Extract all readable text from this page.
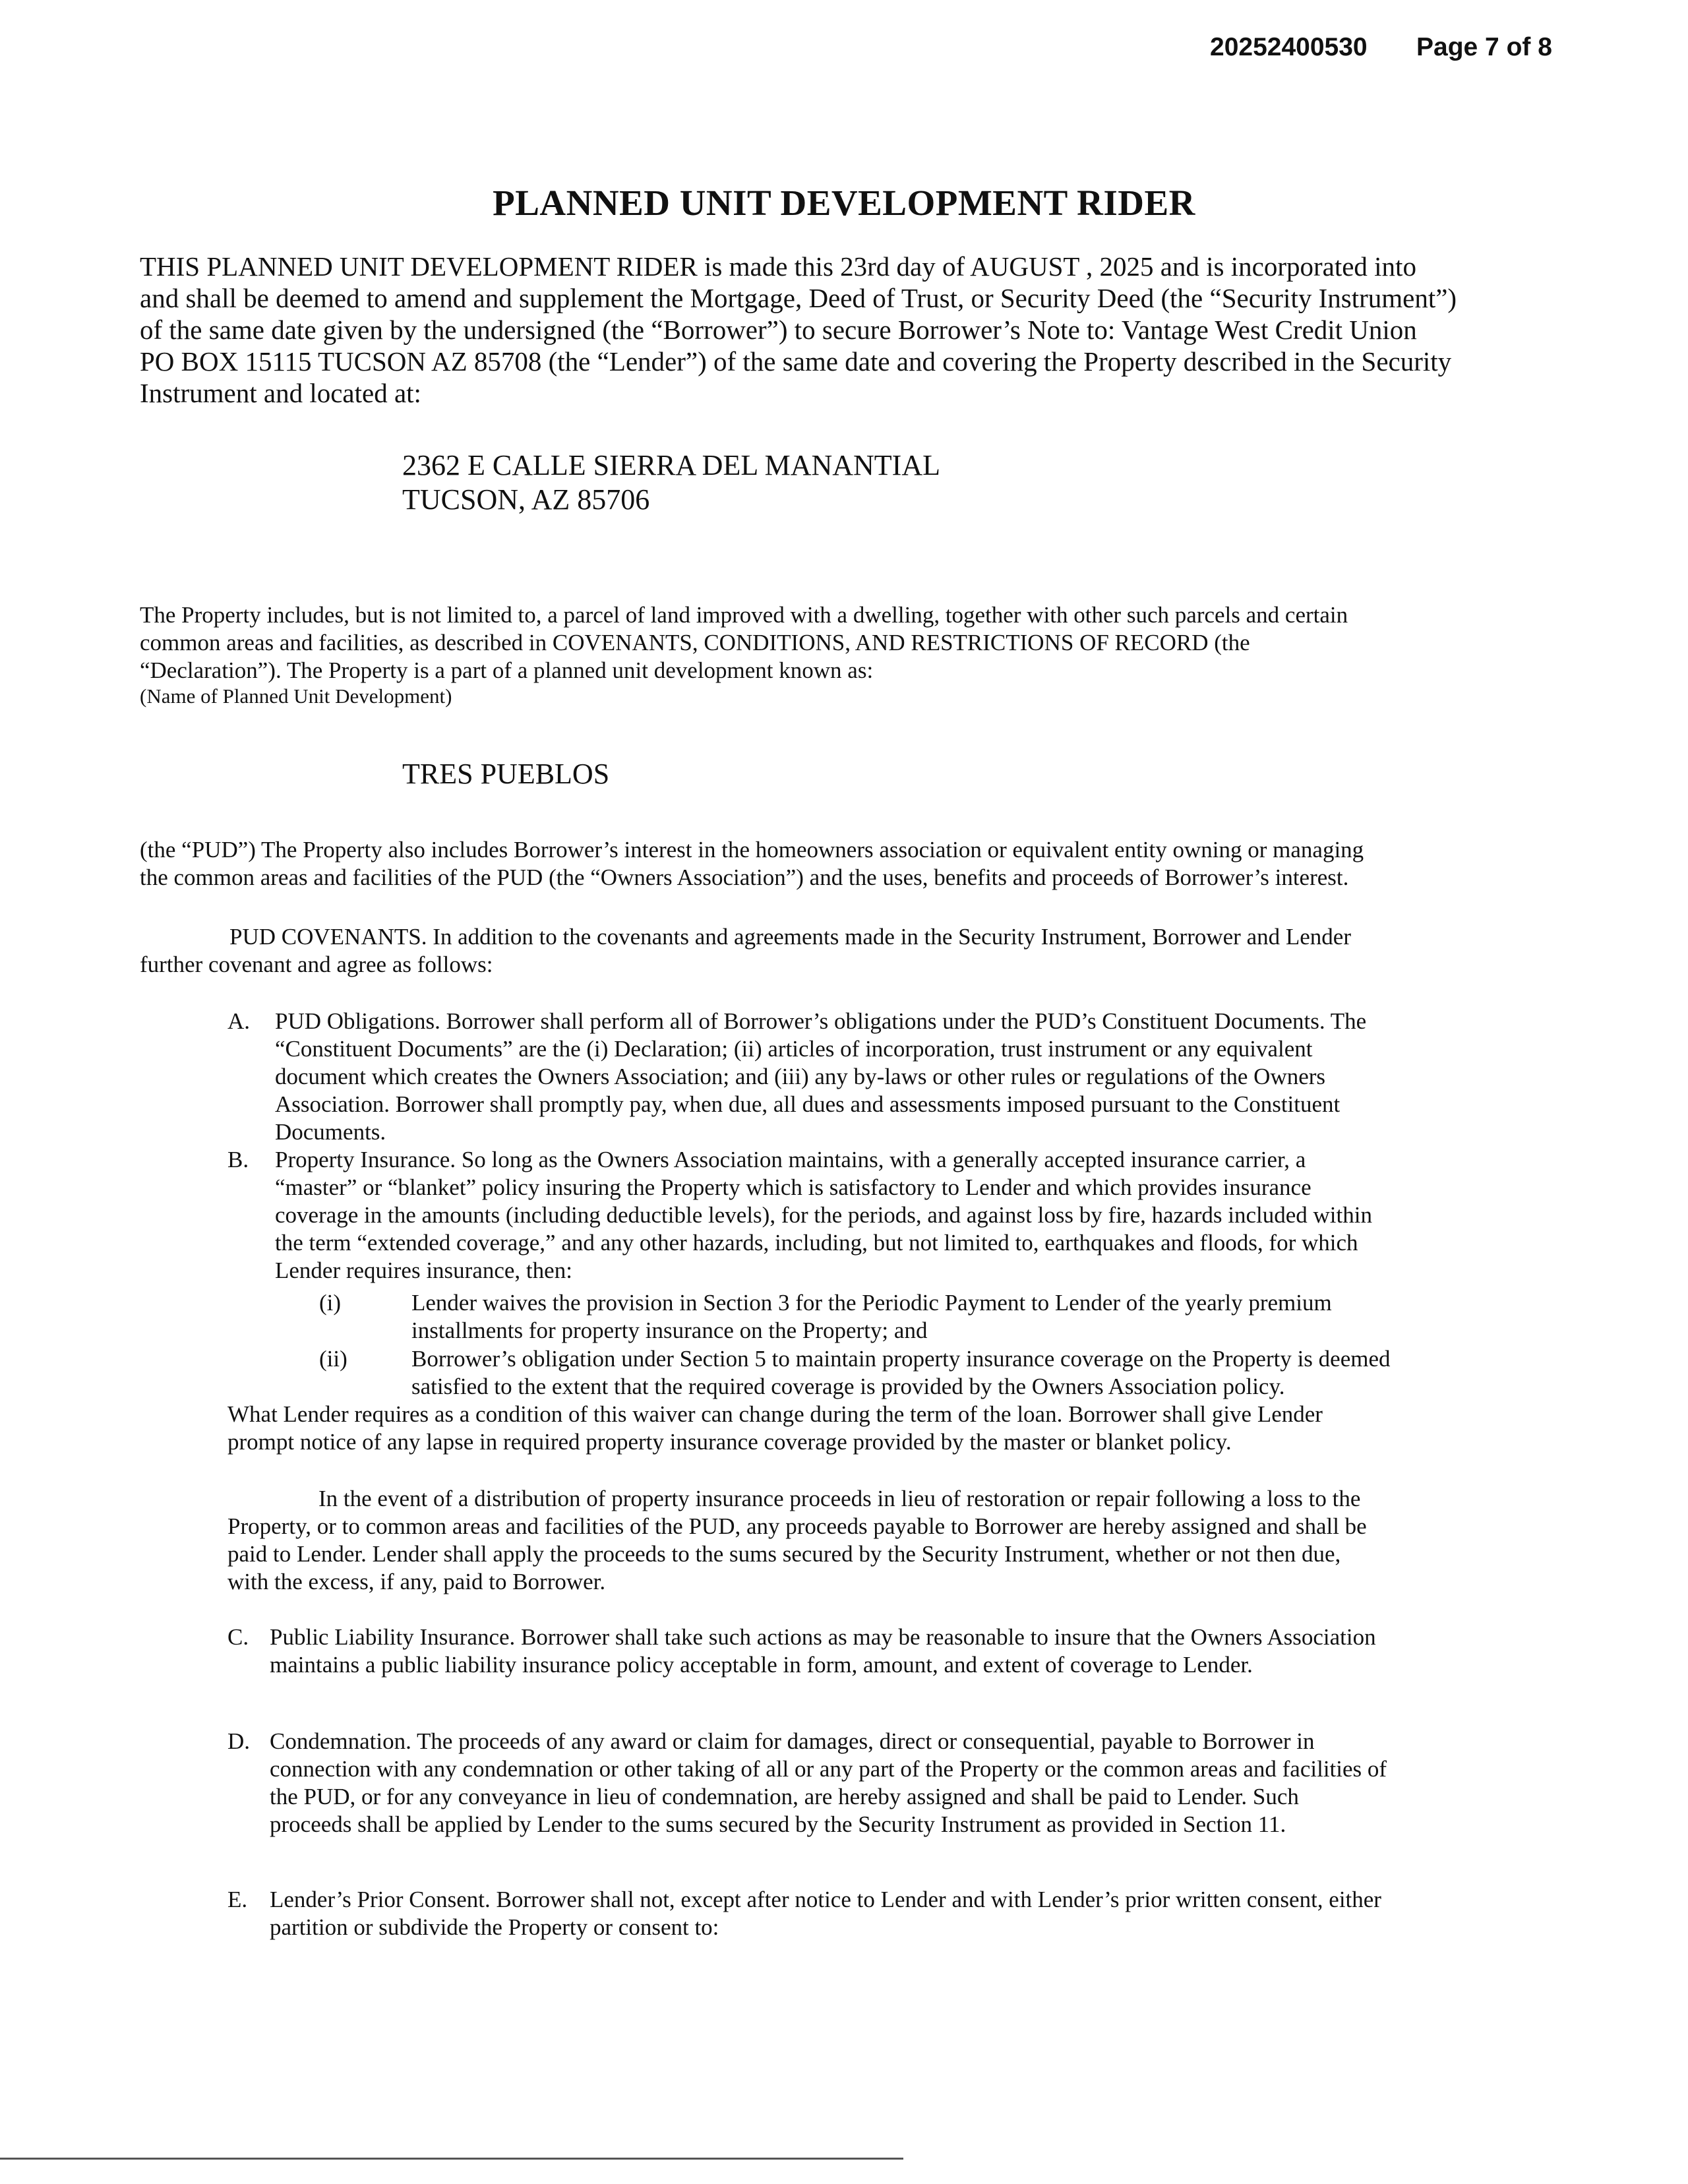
20252400530 Page 7 of 8
PLANNED UNIT DEVELOPMENT RIDER
THIS PLANNED UNIT DEVELOPMENT RIDER is made this 23rd day of AUGUST , 2025 and is incorporated into
and shall be deemed to amend and supplement the Mortgage, Deed of Trust, or Security Deed (the “Security Instrument”)
of the same date given by the undersigned (the “Borrower”) to secure Borrower’s Note to: Vantage West Credit Union
PO BOX 15115 TUCSON AZ 85708 (the “Lender”) of the same date and covering the Property described in the Security
Instrument and located at:
2362 E CALLE SIERRA DEL MANANTIAL
TUCSON, AZ 85706
The Property includes, but is not limited to, a parcel of land improved with a dwelling, together with other such parcels and certain
common areas and facilities, as described in COVENANTS, CONDITIONS, AND RESTRICTIONS OF RECORD (the
“Declaration”). The Property is a part of a planned unit development known as:
(Name of Planned Unit Development)
TRES PUEBLOS
(the “PUD”) The Property also includes Borrower’s interest in the homeowners association or equivalent entity owning or managing
the common areas and facilities of the PUD (the “Owners Association”) and the uses, benefits and proceeds of Borrower’s interest.
PUD COVENANTS. In addition to the covenants and agreements made in the Security Instrument, Borrower and Lender
further covenant and agree as follows:
A.	PUD Obligations. Borrower shall perform all of Borrower’s obligations under the PUD’s Constituent Documents. The
“Constituent Documents” are the (i) Declaration; (ii) articles of incorporation, trust instrument or any equivalent
document which creates the Owners Association; and (iii) any by-laws or other rules or regulations of the Owners
Association. Borrower shall promptly pay, when due, all dues and assessments imposed pursuant to the Constituent
Documents.
B.	Property Insurance. So long as the Owners Association maintains, with a generally accepted insurance carrier, a
“master” or “blanket” policy insuring the Property which is satisfactory to Lender and which provides insurance
coverage in the amounts (including deductible levels), for the periods, and against loss by fire, hazards included within
the term “extended coverage,” and any other hazards, including, but not limited to, earthquakes and floods, for which
Lender requires insurance, then:
(i)	Lender waives the provision in Section 3 for the Periodic Payment to Lender of the yearly premium
installments for property insurance on the Property; and
(ii)	Borrower’s obligation under Section 5 to maintain property insurance coverage on the Property is deemed
satisfied to the extent that the required coverage is provided by the Owners Association policy.
What Lender requires as a condition of this waiver can change during the term of the loan. Borrower shall give Lender
prompt notice of any lapse in required property insurance coverage provided by the master or blanket policy.
In the event of a distribution of property insurance proceeds in lieu of restoration or repair following a loss to the
Property, or to common areas and facilities of the PUD, any proceeds payable to Borrower are hereby assigned and shall be
paid to Lender. Lender shall apply the proceeds to the sums secured by the Security Instrument, whether or not then due,
with the excess, if any, paid to Borrower.
C. Public Liability Insurance. Borrower shall take such actions as may be reasonable to insure that the Owners Association
maintains a public liability insurance policy acceptable in form, amount, and extent of coverage to Lender.
D. Condemnation. The proceeds of any award or claim for damages, direct or consequential, payable to Borrower in
connection with any condemnation or other taking of all or any part of the Property or the common areas and facilities of
the PUD, or for any conveyance in lieu of condemnation, are hereby assigned and shall be paid to Lender. Such
proceeds shall be applied by Lender to the sums secured by the Security Instrument as provided in Section 11.
E. Lender’s Prior Consent. Borrower shall not, except after notice to Lender and with Lender’s prior written consent, either
partition or subdivide the Property or consent to:
